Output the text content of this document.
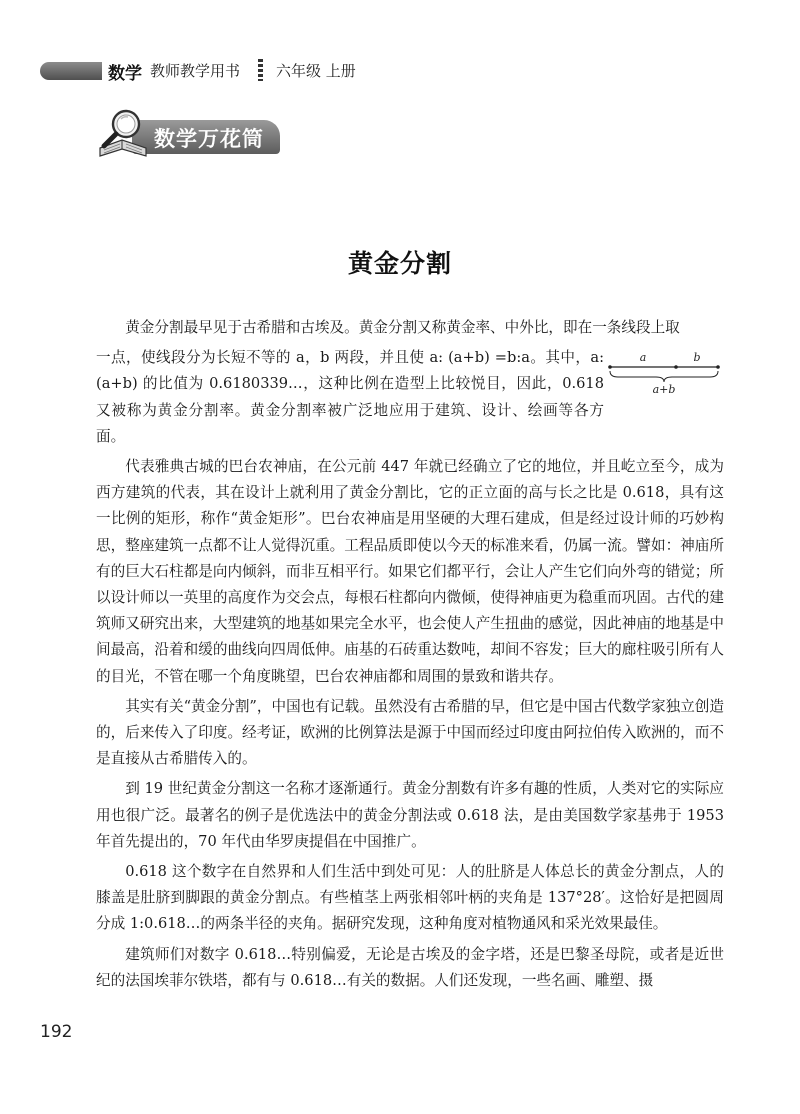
数学 教师教学用书 六年级 上册
数学万花筒
黄金分割

黄金分割最早见于古希腊和古埃及。黄金分割又称黄金率、中外比，即在一条线段上取

一点，使线段分为长短不等的 a，b 两段，并且使 a: (a+b) =b:a。其中，a: (a+b) 的比值为 0.6180339…，这种比例在造型上比较悦目，因此，0.618 又被称为黄金分割率。黄金分割率被广泛地应用于建筑、设计、绘画等各方面。

a	b
a+b

代表雅典古城的巴台农神庙，在公元前 447 年就已经确立了它的地位，并且屹立至今，成为西方建筑的代表，其在设计上就利用了黄金分割比，它的正立面的高与长之比是 0.618，具有这一比例的矩形，称作“黄金矩形”。巴台农神庙是用坚硬的大理石建成，但是经过设计师的巧妙构思，整座建筑一点都不让人觉得沉重。工程品质即使以今天的标准来看，仍属一流。譬如：神庙所有的巨大石柱都是向内倾斜，而非互相平行。如果它们都平行，会让人产生它们向外弯的错觉；所以设计师以一英里的高度作为交会点，每根石柱都向内微倾，使得神庙更为稳重而巩固。古代的建筑师又研究出来，大型建筑的地基如果完全水平，也会使人产生扭曲的感觉，因此神庙的地基是中间最高，沿着和缓的曲线向四周低伸。庙基的石砖重达数吨，却间不容发；巨大的廊柱吸引所有人的目光，不管在哪一个角度眺望，巴台农神庙都和周围的景致和谐共存。

其实有关“黄金分割”，中国也有记载。虽然没有古希腊的早，但它是中国古代数学家独立创造的，后来传入了印度。经考证，欧洲的比例算法是源于中国而经过印度由阿拉伯传入欧洲的，而不是直接从古希腊传入的。

到 19 世纪黄金分割这一名称才逐渐通行。黄金分割数有许多有趣的性质，人类对它的实际应用也很广泛。最著名的例子是优选法中的黄金分割法或 0.618 法，是由美国数学家基弗于 1953 年首先提出的，70 年代由华罗庚提倡在中国推广。

0.618 这个数字在自然界和人们生活中到处可见：人的肚脐是人体总长的黄金分割点，人的膝盖是肚脐到脚跟的黄金分割点。有些植茎上两张相邻叶柄的夹角是 137°28′。这恰好是把圆周分成 1:0.618…的两条半径的夹角。据研究发现，这种角度对植物通风和采光效果最佳。

建筑师们对数字 0.618…特别偏爱，无论是古埃及的金字塔，还是巴黎圣母院，或者是近世纪的法国埃菲尔铁塔，都有与 0.618…有关的数据。人们还发现，一些名画、雕塑、摄

192
